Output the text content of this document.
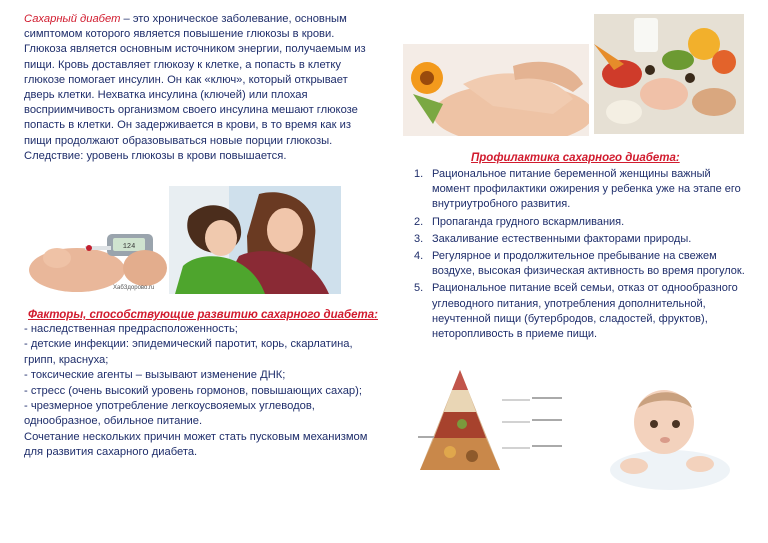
Сахарный диабет – это хроническое заболевание, основным симптомом которого является повышение глюкозы в крови. Глюкоза является основным источником энергии, получаемым из пищи. Кровь доставляет глюкозу к клетке, а попасть в клетку глюкозе помогает инсулин. Он как «ключ», который открывает дверь клетки. Нехватка инсулина (ключей) или плохая восприимчивость организмом своего инсулина мешают глюкозе попасть в клетки. Он задерживается в крови, в то время как из пищи продолжают образовываться новые порции глюкозы. Следствие: уровень глюкозы в крови повышается.
124
ХабЗдорово.ru
Факторы, способствующие развитию сахарного диабета:
- наследственная предрасположенность;
- детские инфекции: эпидемический паротит, корь, скарлатина, грипп, краснуха;
- токсические агенты – вызывают изменение ДНК;
- стресс (очень высокий уровень гормонов, повышающих сахар);
- чрезмерное употребление легкоусвояемых углеводов, однообразное, обильное питание.
Сочетание нескольких причин может стать пусковым механизмом для развития сахарного диабета.
Профилактика сахарного диабета:
1. Рациональное питание беременной женщины важный момент профилактики ожирения у ребенка уже на этапе его внутриутробного развития.
2. Пропаганда грудного вскармливания.
3. Закаливание естественными факторами природы.
4. Регулярное и продолжительное пребывание на свежем воздухе, высокая физическая активность во время прогулок.
5. Рациональное питание всей семьи, отказ от однообразного углеводного питания, употребления дополнительной, неучтенной пищи (бутербродов, сладостей, фруктов), неторопливость в приеме пищи.
